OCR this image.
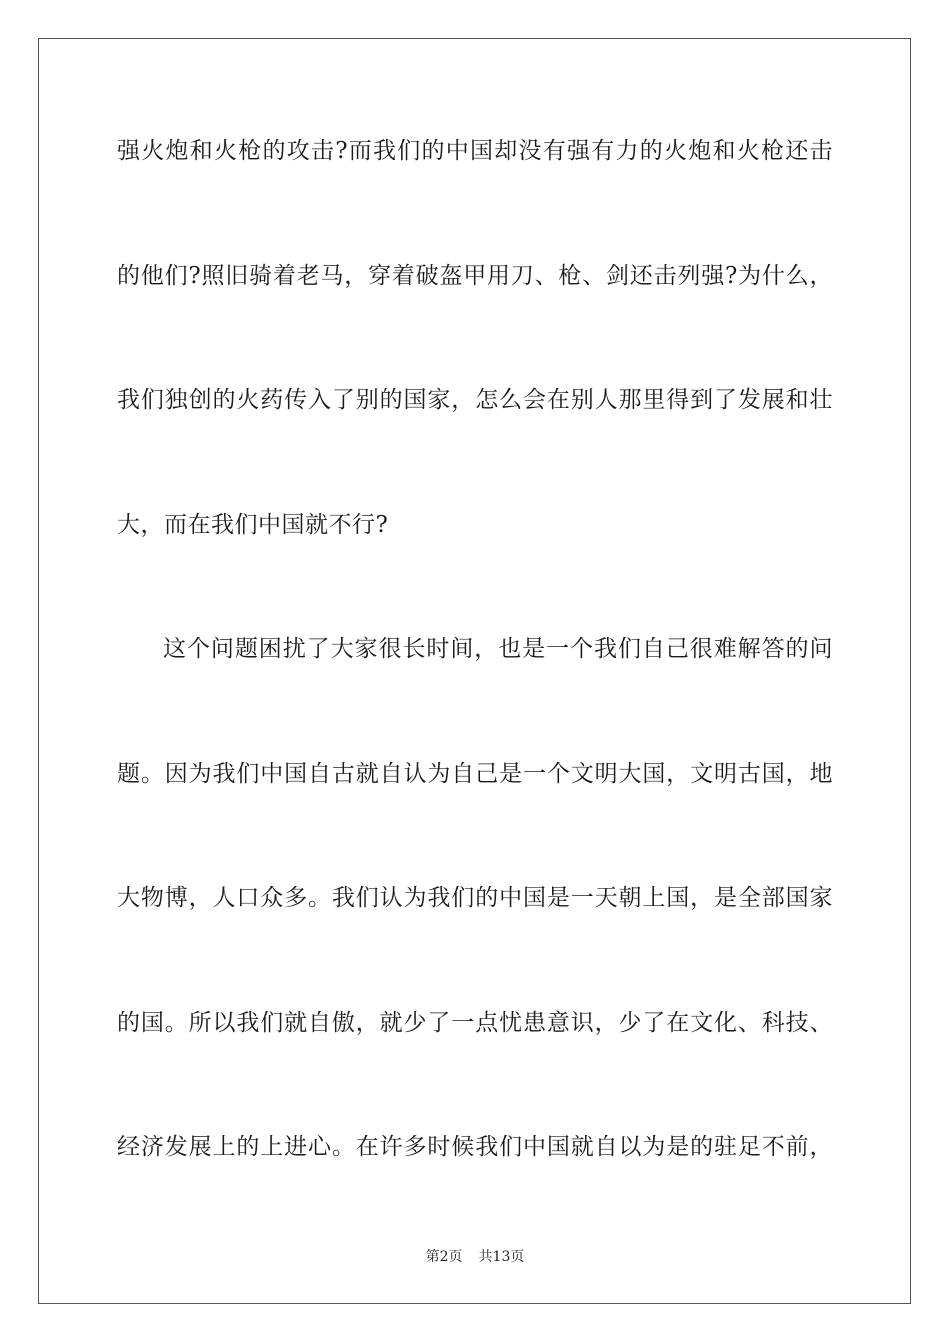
强火炮和火枪的攻击?而我们的中国却没有强有力的火炮和火枪还击
的他们?照旧骑着老马，穿着破盔甲用刀、枪、剑还击列强?为什么，
我们独创的火药传入了别的国家，怎么会在别人那里得到了发展和壮
大，而在我们中国就不行?
这个问题困扰了大家很长时间，也是一个我们自己很难解答的问
题。因为我们中国自古就自认为自己是一个文明大国，文明古国，地
大物博，人口众多。我们认为我们的中国是一天朝上国，是全部国家
的国。所以我们就自傲，就少了一点忧患意识，少了在文化、科技、
经济发展上的上进心。在许多时候我们中国就自以为是的驻足不前，
第2页 共13页
